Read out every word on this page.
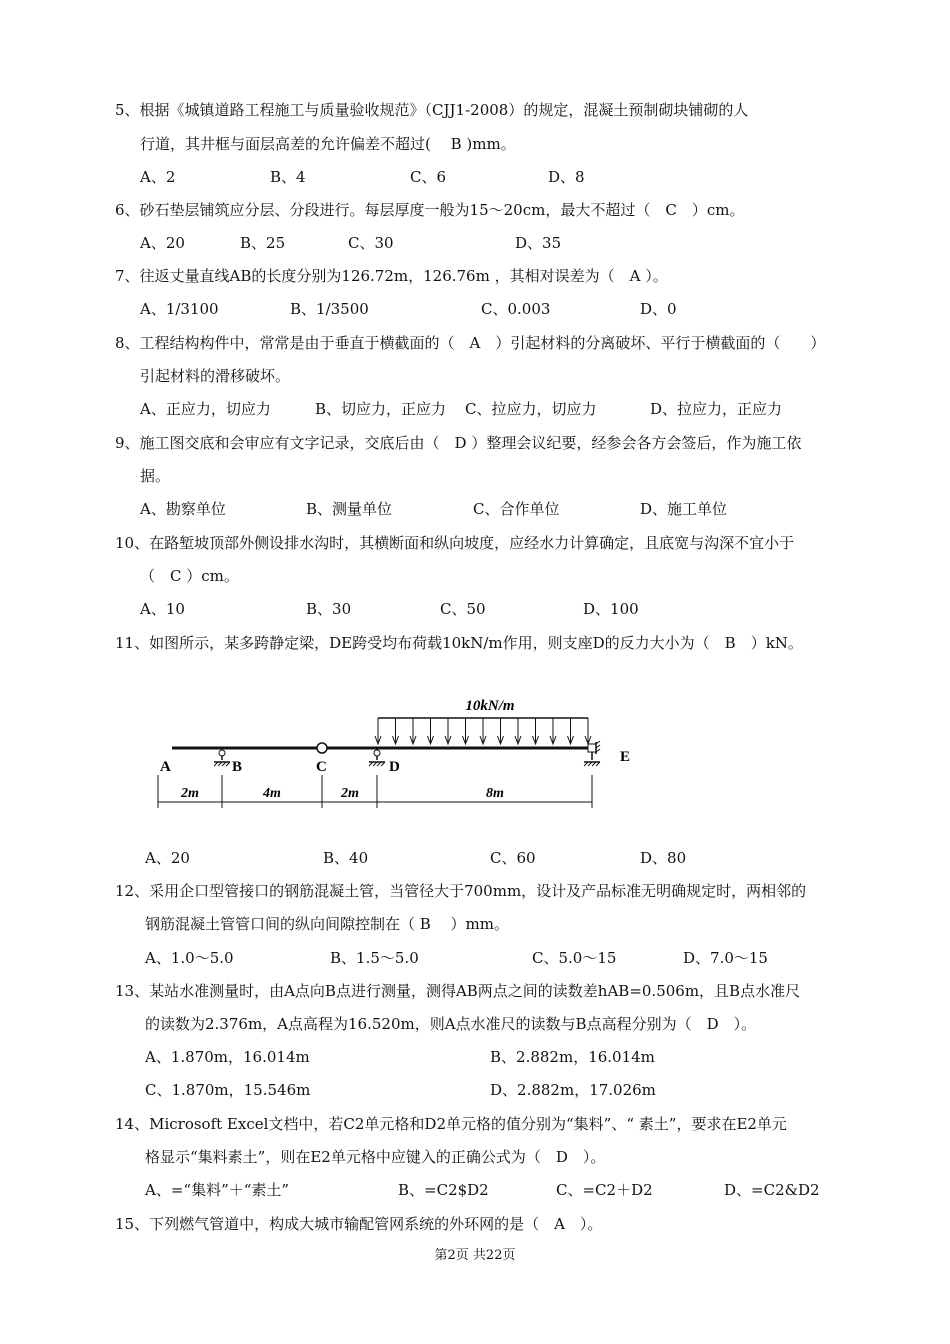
5、根据《城镇道路工程施工与质量验收规范》（CJJ1-2008）的规定，混凝土预制砌块铺砌的人
行道，其井框与面层高差的允许偏差不超过(　 B )mm。
A、2	B、4	C、6	D、8
6、砂石垫层铺筑应分层、分段进行。每层厚度一般为15～20cm，最大不超过（　C　）cm。
A、20	B、25	C、30	D、35
7、往返丈量直线AB的长度分别为126.72m，126.76m ，其相对误差为（　A ）。
A、1/3100	B、1/3500	C、0.003	D、0
8、工程结构构件中，常常是由于垂直于横截面的（　A　）引起材料的分离破坏、平行于横截面的（　　）
引起材料的滑移破坏。
A、正应力，切应力	B、切应力，正应力 C、拉应力，切应力	D、拉应力，正应力
9、施工图交底和会审应有文字记录，交底后由（　D ）整理会议纪要，经参会各方会签后，作为施工依
据。
A、勘察单位	B、测量单位	C、合作单位	D、施工单位
10、在路堑坡顶部外侧设排水沟时，其横断面和纵向坡度，应经水力计算确定，且底宽与沟深不宜小于
（　C ）cm。
A、10	B、30	C、50	D、100
11、如图所示，某多跨静定梁，DE跨受均布荷载10kN/m作用，则支座D的反力大小为（　B　）kN。
10kN/m
A	B	C	D
E
2m	4m	2m	8m
A、20	B、40	C、60	D、80
12、采用企口型管接口的钢筋混凝土管，当管径大于700mm，设计及产品标准无明确规定时，两相邻的
钢筋混凝土管管口间的纵向间隙控制在（ B　 ）mm。
A、1.0～5.0	B、1.5～5.0	C、5.0～15	D、7.0～15
13、某站水准测量时，由A点向B点进行测量，测得AB两点之间的读数差hAB=0.506m，且B点水准尺
的读数为2.376m，A点高程为16.520m，则A点水准尺的读数与B点高程分别为（　D　）。
A、1.870m，16.014m	B、2.882m，16.014m
C、1.870m，15.546m	D、2.882m，17.026m
14、Microsoft Excel文档中，若C2单元格和D2单元格的值分别为“集料”、“ 素土”，要求在E2单元
格显示“集料素土”，则在E2单元格中应键入的正确公式为（　D　）。
A、=“集料”＋“素土”	B、=C2$D2	C、=C2＋D2	D、=C2&D2
15、下列燃气管道中，构成大城市输配管网系统的外环网的是（　A　）。
第2页 共22页
